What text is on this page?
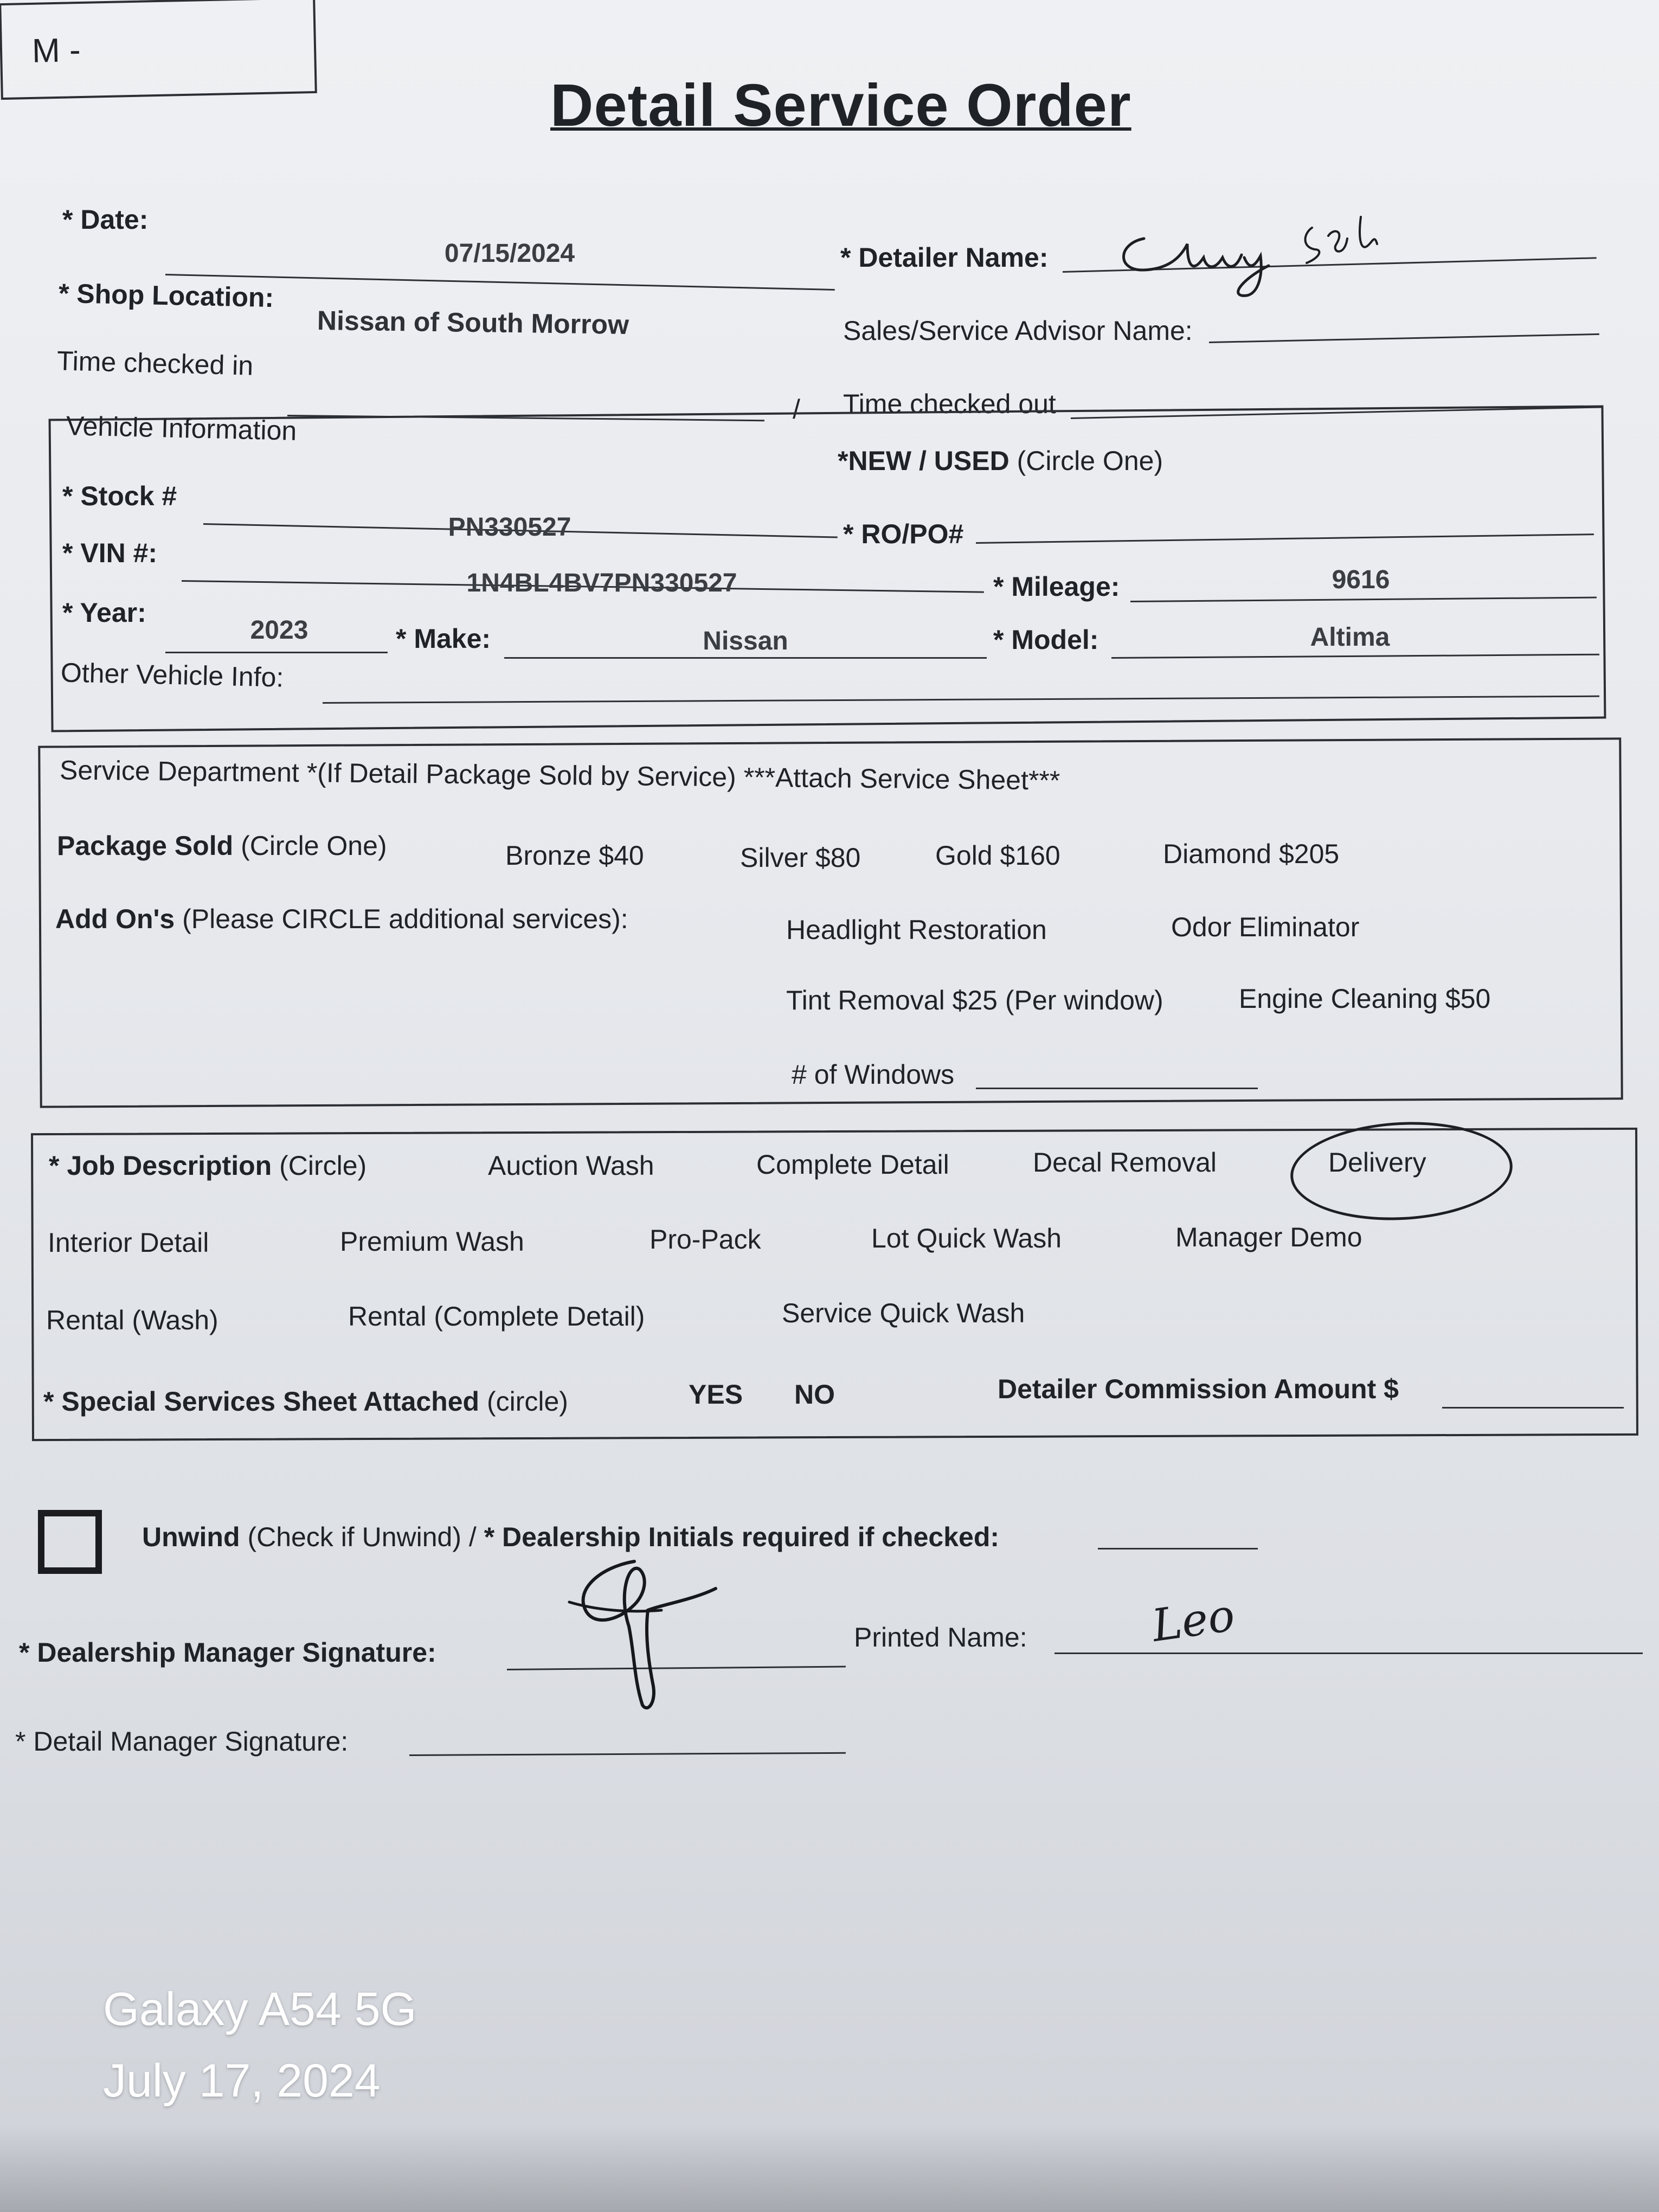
Detail Service Order
M -
* Date:
07/15/2024	* Detailer Name:
* Shop Location:
Nissan of South Morrow	Sales/Service Advisor Name:
Time checked in
/ Time checked out
Vehicle Information
*NEW / USED (Circle One)
* Stock #
PN330527	* RO/PO#
* VIN #:
1N4BL4BV7PN330527	* Mileage:	9616
* Year:
2023	* Make:	Nissan	* Model:	Altima
Other Vehicle Info:
Service Department *(If Detail Package Sold by Service) ***Attach Service Sheet***
Package Sold (Circle One)	Bronze $40	Silver $80	Gold $160	Diamond $205
Add On's (Please CIRCLE additional services):	Headlight Restoration	Odor Eliminator
Tint Removal $25 (Per window)	Engine Cleaning $50
# of Windows
* Job Description (Circle)	Auction Wash	Complete Detail	Decal Removal	Delivery
Interior Detail	Premium Wash	Pro-Pack	Lot Quick Wash	Manager Demo
Rental (Wash)	Rental (Complete Detail)	Service Quick Wash
* Special Services Sheet Attached (circle)	YES NO	Detailer Commission Amount $
Unwind (Check if Unwind) / * Dealership Initials required if checked:
* Dealership Manager Signature:	Printed Name:	Leo
* Detail Manager Signature:
Galaxy A54 5G
July 17, 2024
